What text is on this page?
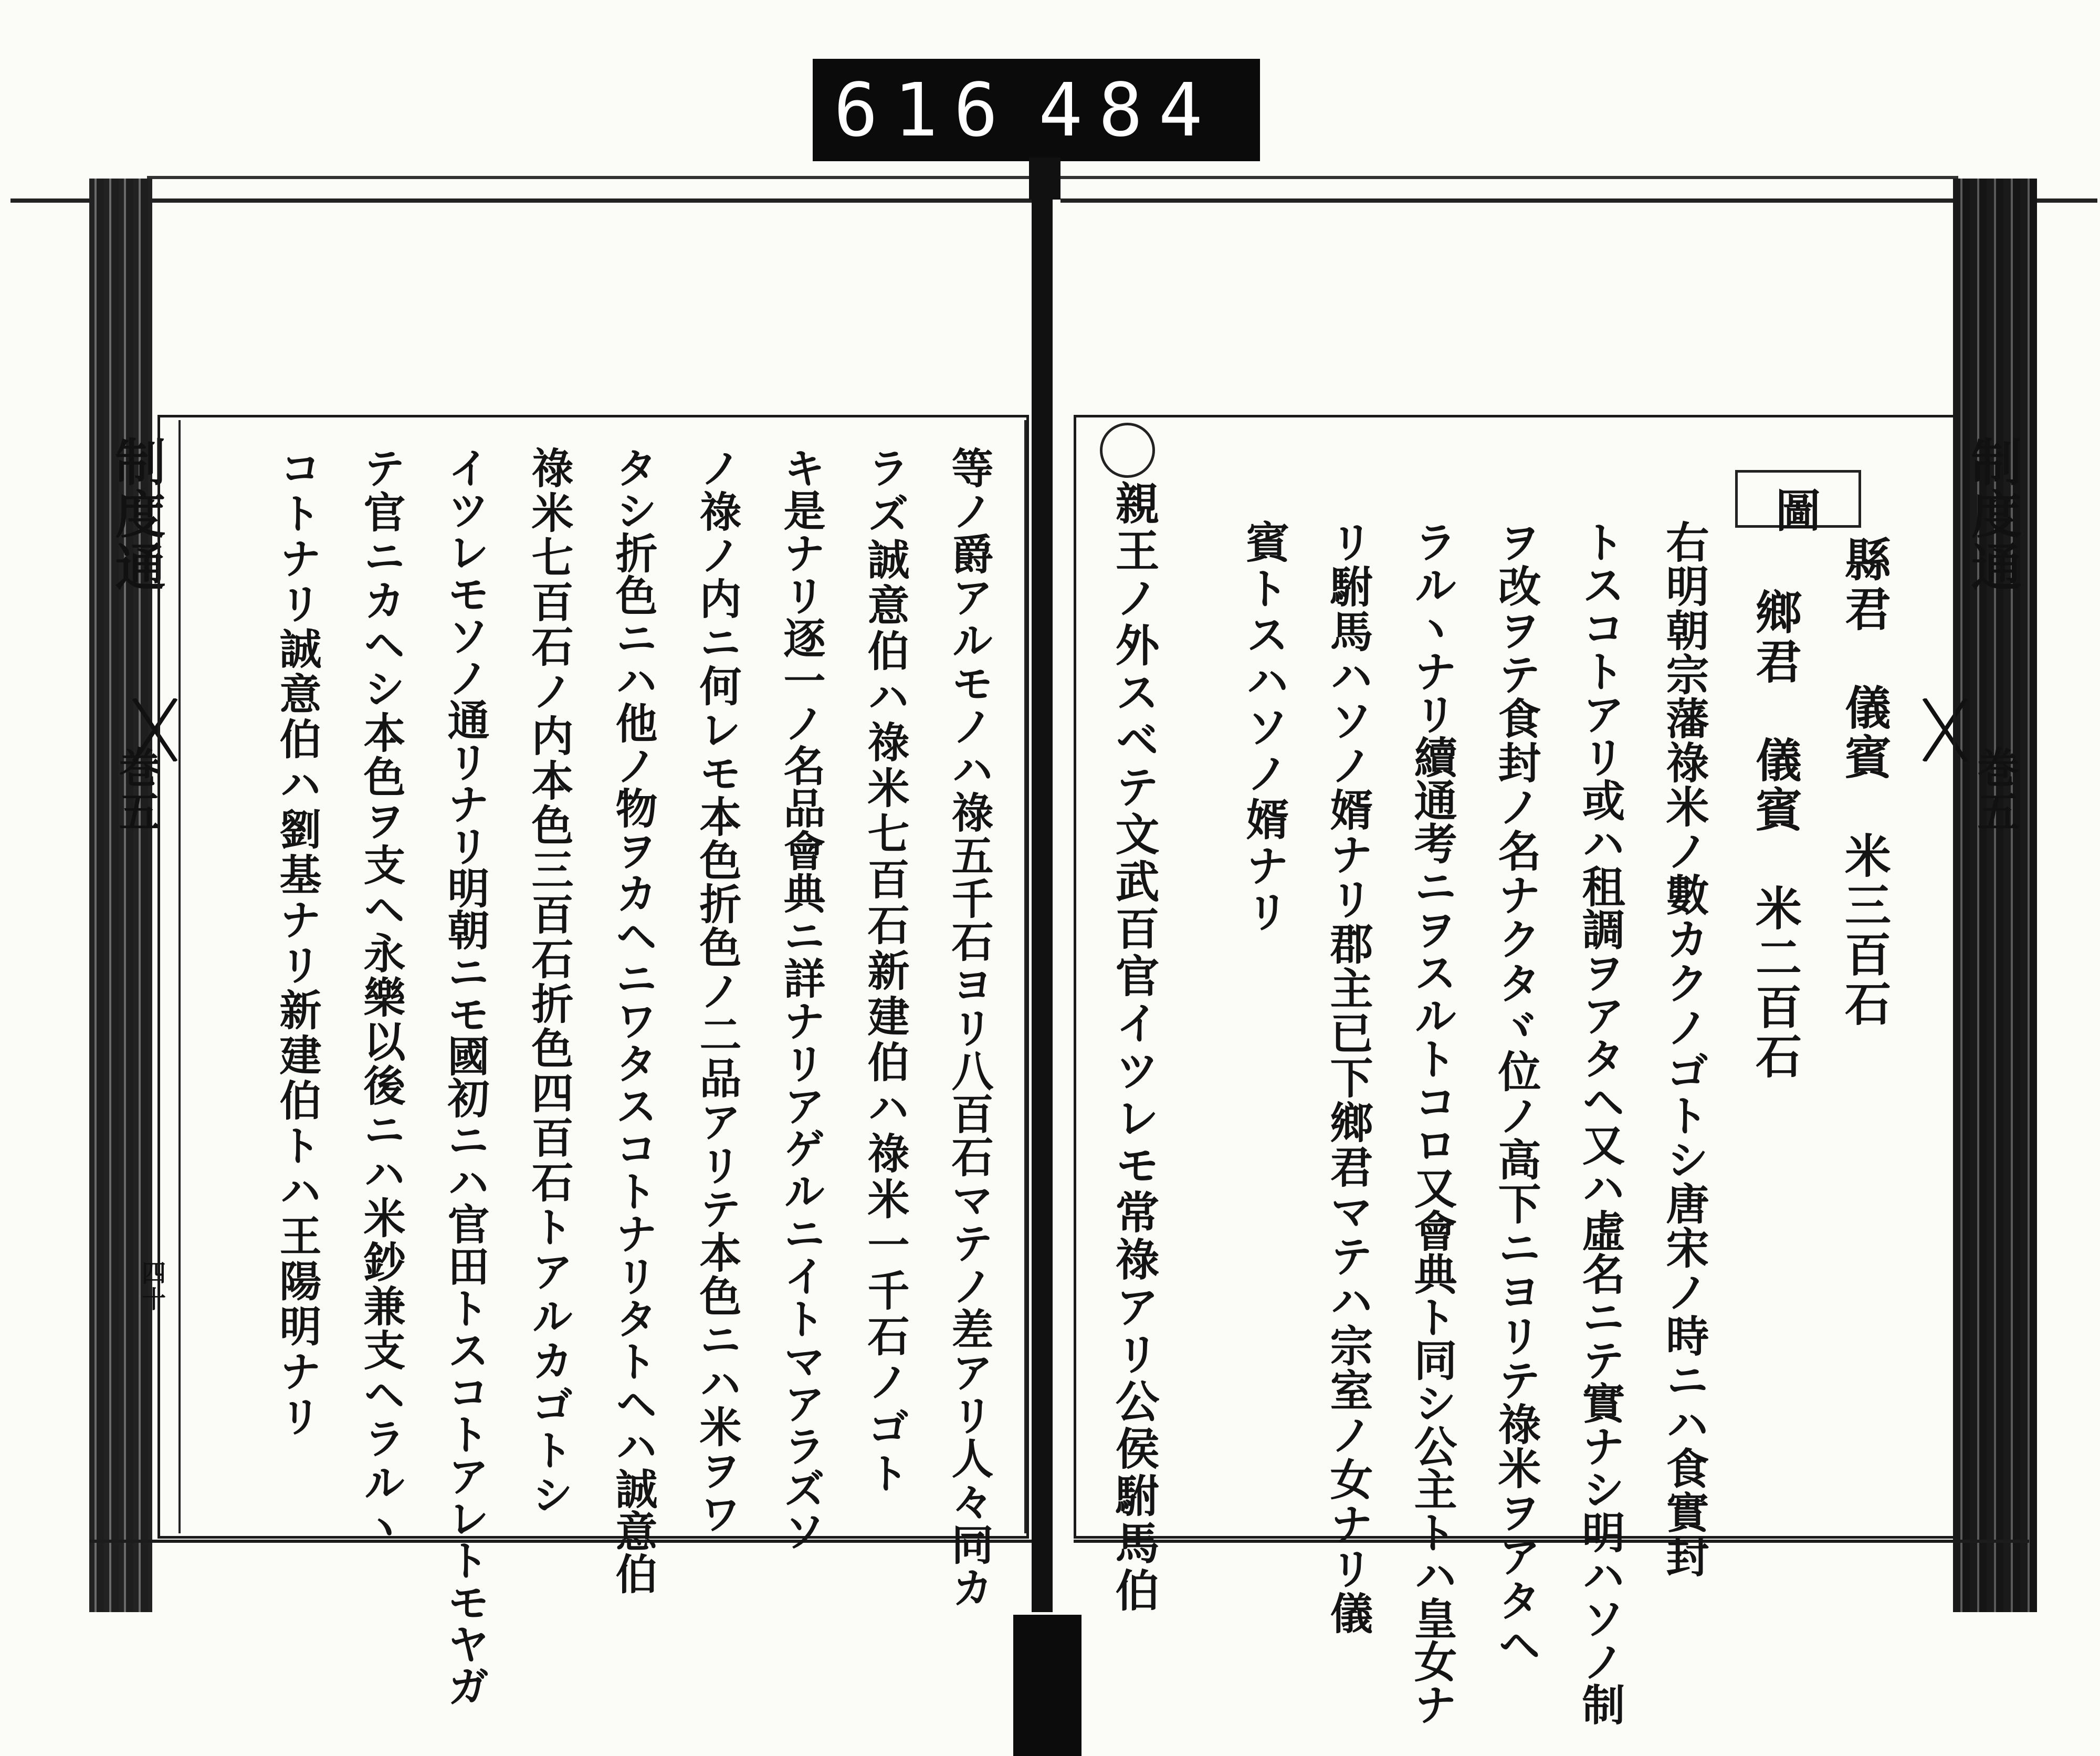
616 484
制度通
巻五
四十
制度通
巻五
圖
縣君　儀賓　米三百石
鄉君　儀賓　米二百石
右明朝宗藩祿米ノ數カクノゴトシ唐宋ノ時ニハ食實封
トスコトアリ或ハ租調ヲアタヘ又ハ虛名ニテ實ナシ明ハソノ制
ヲ改ヲテ食封ノ名ナクタヾ位ノ高下ニヨリテ祿米ヲアタヘ
ラルヽナリ續通考ニヲスルトコロ又會典ト同シ公主トハ皇女ナ
リ駙馬ハソノ婿ナリ郡主已下鄉君マテハ宗室ノ女ナリ儀
賓トスハソノ婿ナリ
親王ノ外スベテ文武百官イツレモ常祿アリ公侯駙馬伯
等ノ爵アルモノハ祿五千石ヨリ八百石マテノ差アリ人々同カ
ラズ誠意伯ハ祿米七百石新建伯ハ祿米一千石ノゴト
キ是ナリ逐一ノ名品會典ニ詳ナリアゲルニイトマアラズソ
ノ祿ノ内ニ何レモ本色折色ノ二品アリテ本色ニハ米ヲワ
タシ折色ニハ他ノ物ヲカヘニワタスコトナリタトヘハ誠意伯
祿米七百石ノ内本色三百石折色四百石トアルカゴトシ
イツレモソノ通リナリ明朝ニモ國初ニハ官田トスコトアレトモヤガ
テ官ニカヘシ本色ヲ支ヘ永樂以後ニハ米鈔兼支ヘラルヽ
コトナリ誠意伯ハ劉基ナリ新建伯トハ王陽明ナリ
